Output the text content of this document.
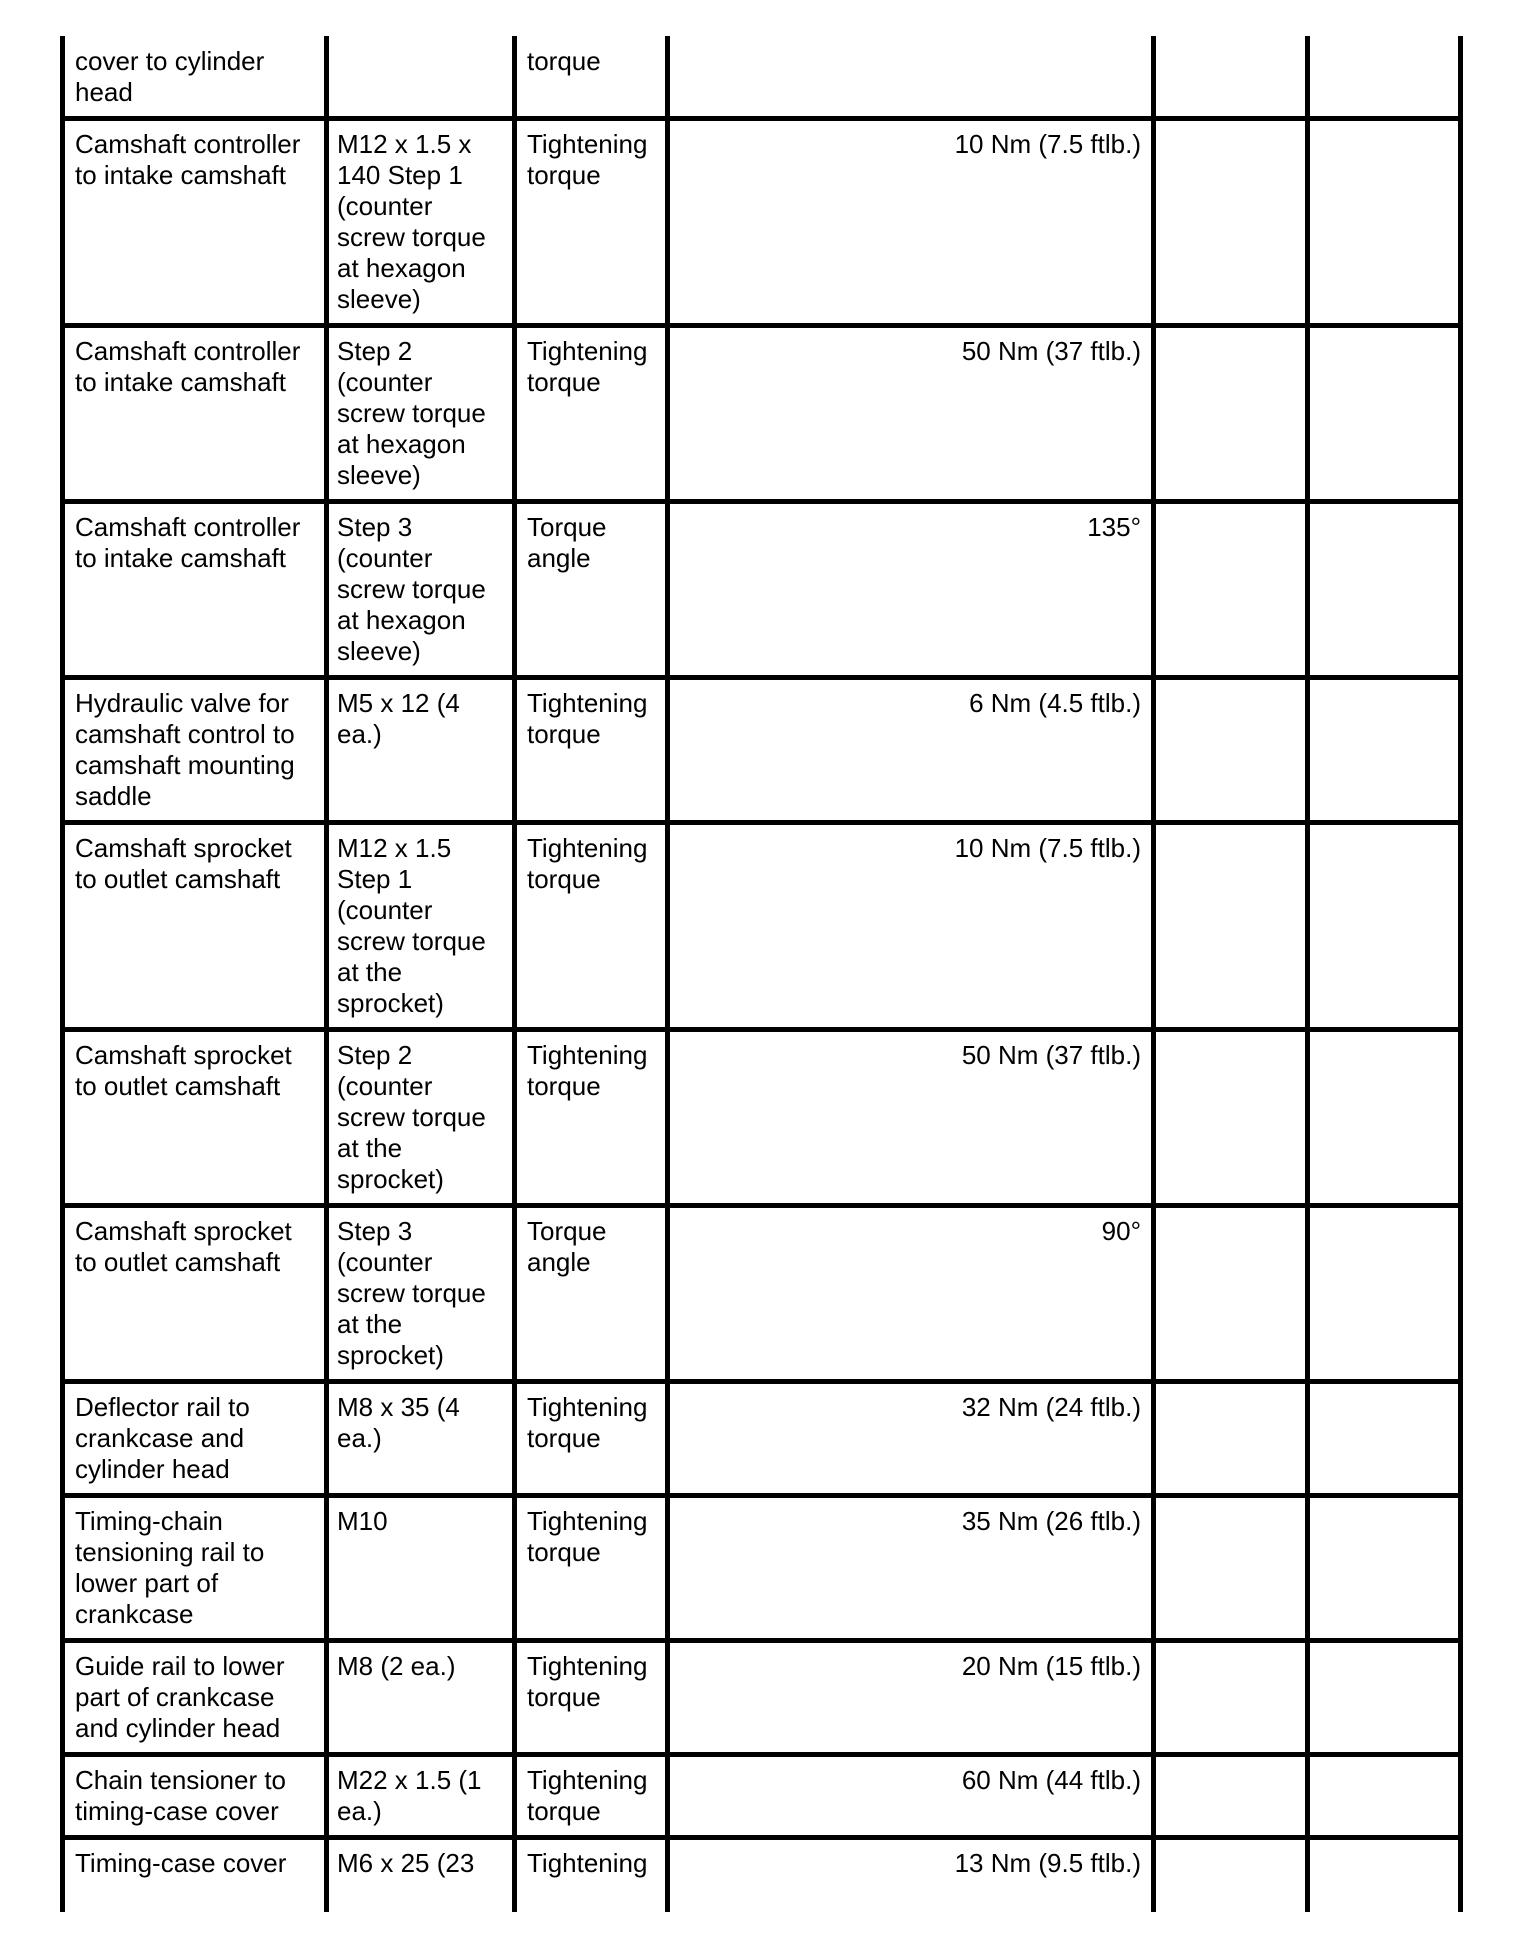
cover to cylinder head		torque			
Camshaft controller to intake camshaft	M12 x 1.5 x 140 Step 1 (counter screw torque at hexagon sleeve)	Tightening torque	10 Nm (7.5 ftlb.)		
Camshaft controller to intake camshaft	Step 2 (counter screw torque at hexagon sleeve)	Tightening torque	50 Nm (37 ftlb.)		
Camshaft controller to intake camshaft	Step 3 (counter screw torque at hexagon sleeve)	Torque angle	135°		
Hydraulic valve for camshaft control to camshaft mounting saddle	M5 x 12 (4 ea.)	Tightening torque	6 Nm (4.5 ftlb.)		
Camshaft sprocket to outlet camshaft	M12 x 1.5 Step 1 (counter screw torque at the sprocket)	Tightening torque	10 Nm (7.5 ftlb.)		
Camshaft sprocket to outlet camshaft	Step 2 (counter screw torque at the sprocket)	Tightening torque	50 Nm (37 ftlb.)		
Camshaft sprocket to outlet camshaft	Step 3 (counter screw torque at the sprocket)	Torque angle	90°		
Deflector rail to crankcase and cylinder head	M8 x 35 (4 ea.)	Tightening torque	32 Nm (24 ftlb.)		
Timing-chain tensioning rail to lower part of crankcase	M10	Tightening torque	35 Nm (26 ftlb.)		
Guide rail to lower part of crankcase and cylinder head	M8 (2 ea.)	Tightening torque	20 Nm (15 ftlb.)		
Chain tensioner to timing-case cover	M22 x 1.5 (1 ea.)	Tightening torque	60 Nm (44 ftlb.)		
Timing-case cover	M6 x 25 (23	Tightening	13 Nm (9.5 ftlb.)		
